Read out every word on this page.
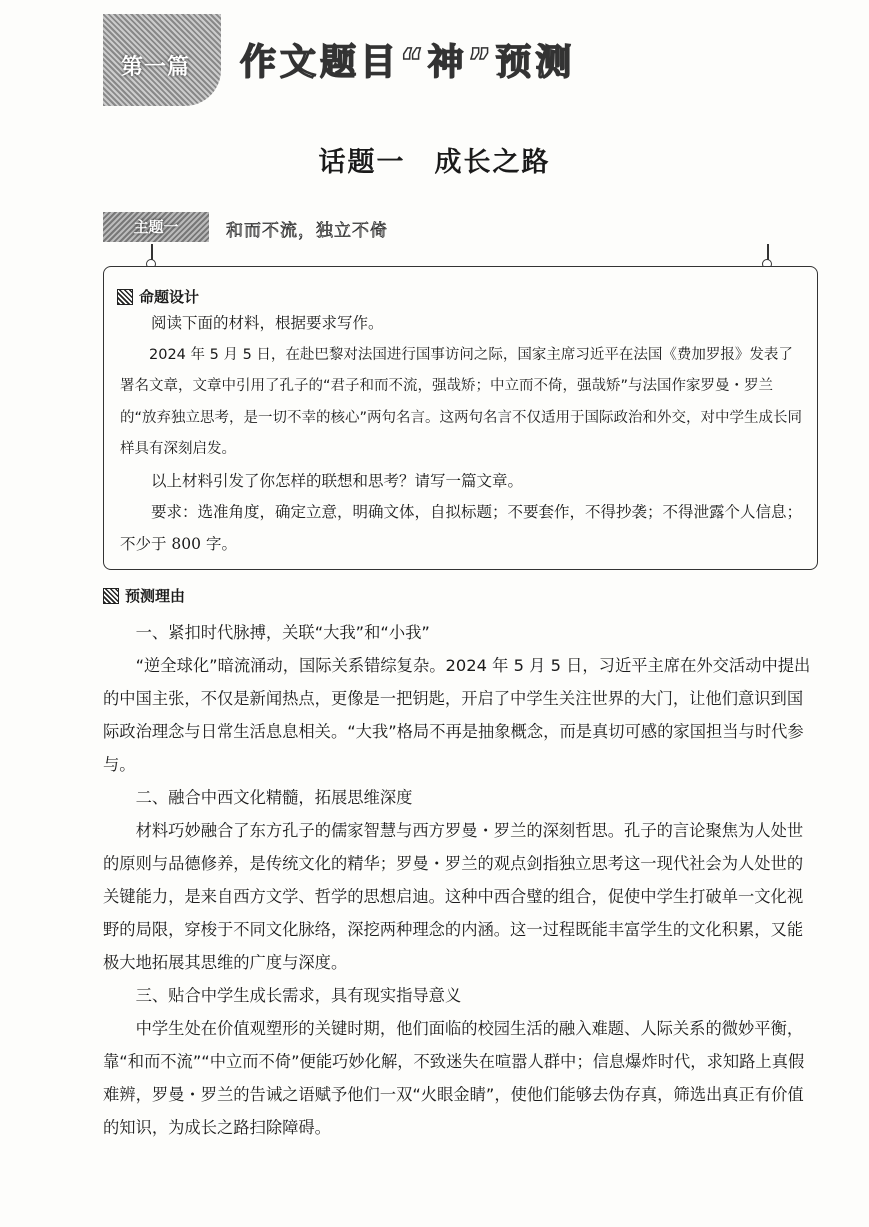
第一篇 作文题目“神”预测
话题一　成长之路
主题一	和而不流，独立不倚
命题设计

阅读下面的材料，根据要求写作。

2024 年 5 月 5 日，在赴巴黎对法国进行国事访问之际，国家主席习近平在法国《费加罗报》发表了署名文章，文章中引用了孔子的“君子和而不流，强哉矫；中立而不倚，强哉矫”与法国作家罗曼・罗兰的“放弃独立思考，是一切不幸的核心”两句名言。这两句名言不仅适用于国际政治和外交，对中学生成长同样具有深刻启发。

以上材料引发了你怎样的联想和思考？请写一篇文章。

要求：选准角度，确定立意，明确文体，自拟标题；不要套作，不得抄袭；不得泄露个人信息；不少于 800 字。

预测理由

一、紧扣时代脉搏，关联“大我”和“小我”

“逆全球化”暗流涌动，国际关系错综复杂。2024 年 5 月 5 日，习近平主席在外交活动中提出的中国主张，不仅是新闻热点，更像是一把钥匙，开启了中学生关注世界的大门，让他们意识到国际政治理念与日常生活息息相关。“大我”格局不再是抽象概念，而是真切可感的家国担当与时代参与。

二、融合中西文化精髓，拓展思维深度

材料巧妙融合了东方孔子的儒家智慧与西方罗曼・罗兰的深刻哲思。孔子的言论聚焦为人处世的原则与品德修养，是传统文化的精华；罗曼・罗兰的观点剑指独立思考这一现代社会为人处世的关键能力，是来自西方文学、哲学的思想启迪。这种中西合璧的组合，促使中学生打破单一文化视野的局限，穿梭于不同文化脉络，深挖两种理念的内涵。这一过程既能丰富学生的文化积累，又能极大地拓展其思维的广度与深度。

三、贴合中学生成长需求，具有现实指导意义

中学生处在价值观塑形的关键时期，他们面临的校园生活的融入难题、人际关系的微妙平衡，靠“和而不流”“中立而不倚”便能巧妙化解，不致迷失在喧嚣人群中；信息爆炸时代，求知路上真假难辨，罗曼・罗兰的告诫之语赋予他们一双“火眼金睛”，使他们能够去伪存真，筛选出真正有价值的知识，为成长之路扫除障碍。
